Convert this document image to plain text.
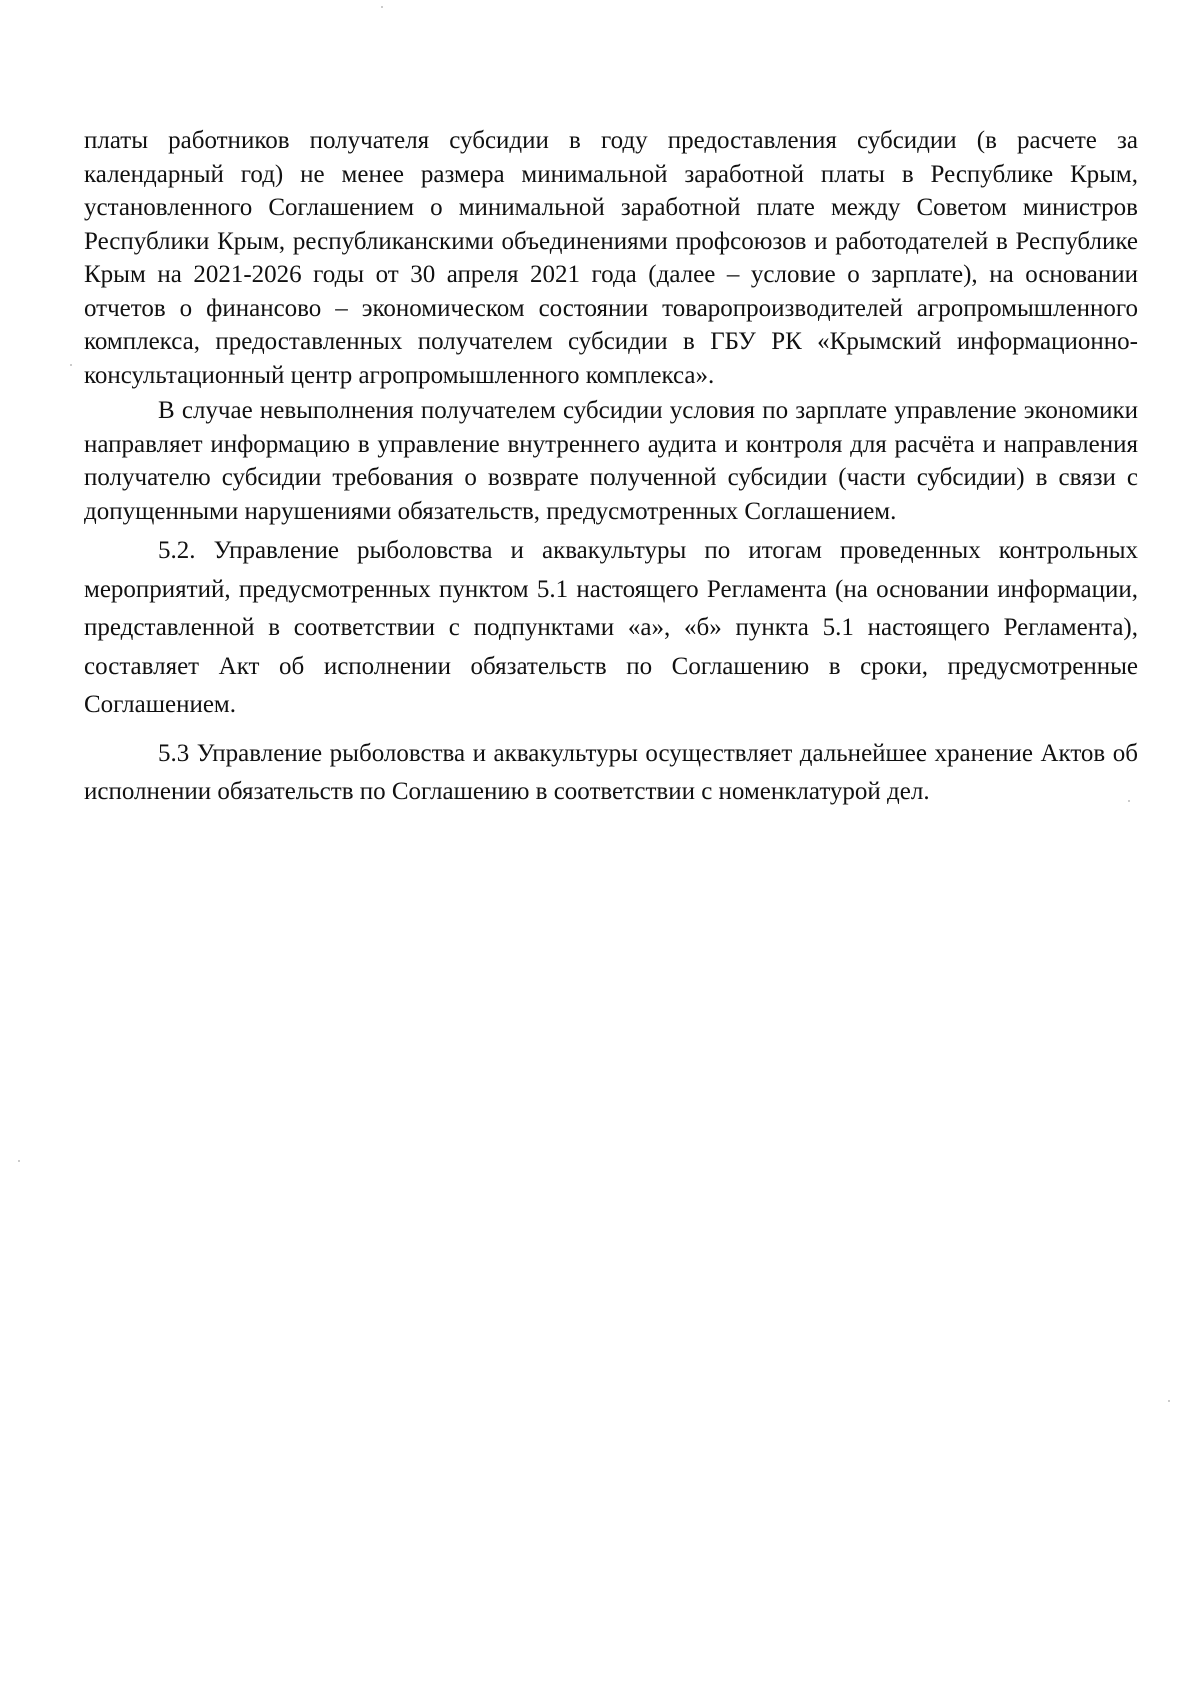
платы работников получателя субсидии в году предоставления субсидии (в расчете за календарный год) не менее размера минимальной заработной платы в Республике Крым, установленного Соглашением о минимальной заработной плате между Советом министров Республики Крым, республиканскими объединениями профсоюзов и работодателей в Республике Крым на 2021-2026 годы от 30 апреля 2021 года (далее – условие о зарплате), на основании отчетов о финансово – экономическом состоянии товаропроизводителей агропромышленного комплекса, предоставленных получателем субсидии в ГБУ РК «Крымский информационно-консультационный центр агропромышленного комплекса».

В случае невыполнения получателем субсидии условия по зарплате управление экономики направляет информацию в управление внутреннего аудита и контроля для расчёта и направления получателю субсидии требования о возврате полученной субсидии (части субсидии) в связи с допущенными нарушениями обязательств, предусмотренных Соглашением.

5.2. Управление рыболовства и аквакультуры по итогам проведенных контрольных мероприятий, предусмотренных пунктом 5.1 настоящего Регламента (на основании информации, представленной в соответствии с подпунктами «а», «б» пункта 5.1 настоящего Регламента), составляет Акт об исполнении обязательств по Соглашению в сроки, предусмотренные Соглашением.

5.3 Управление рыболовства и аквакультуры осуществляет дальнейшее хранение Актов об исполнении обязательств по Соглашению в соответствии с номенклатурой дел.
